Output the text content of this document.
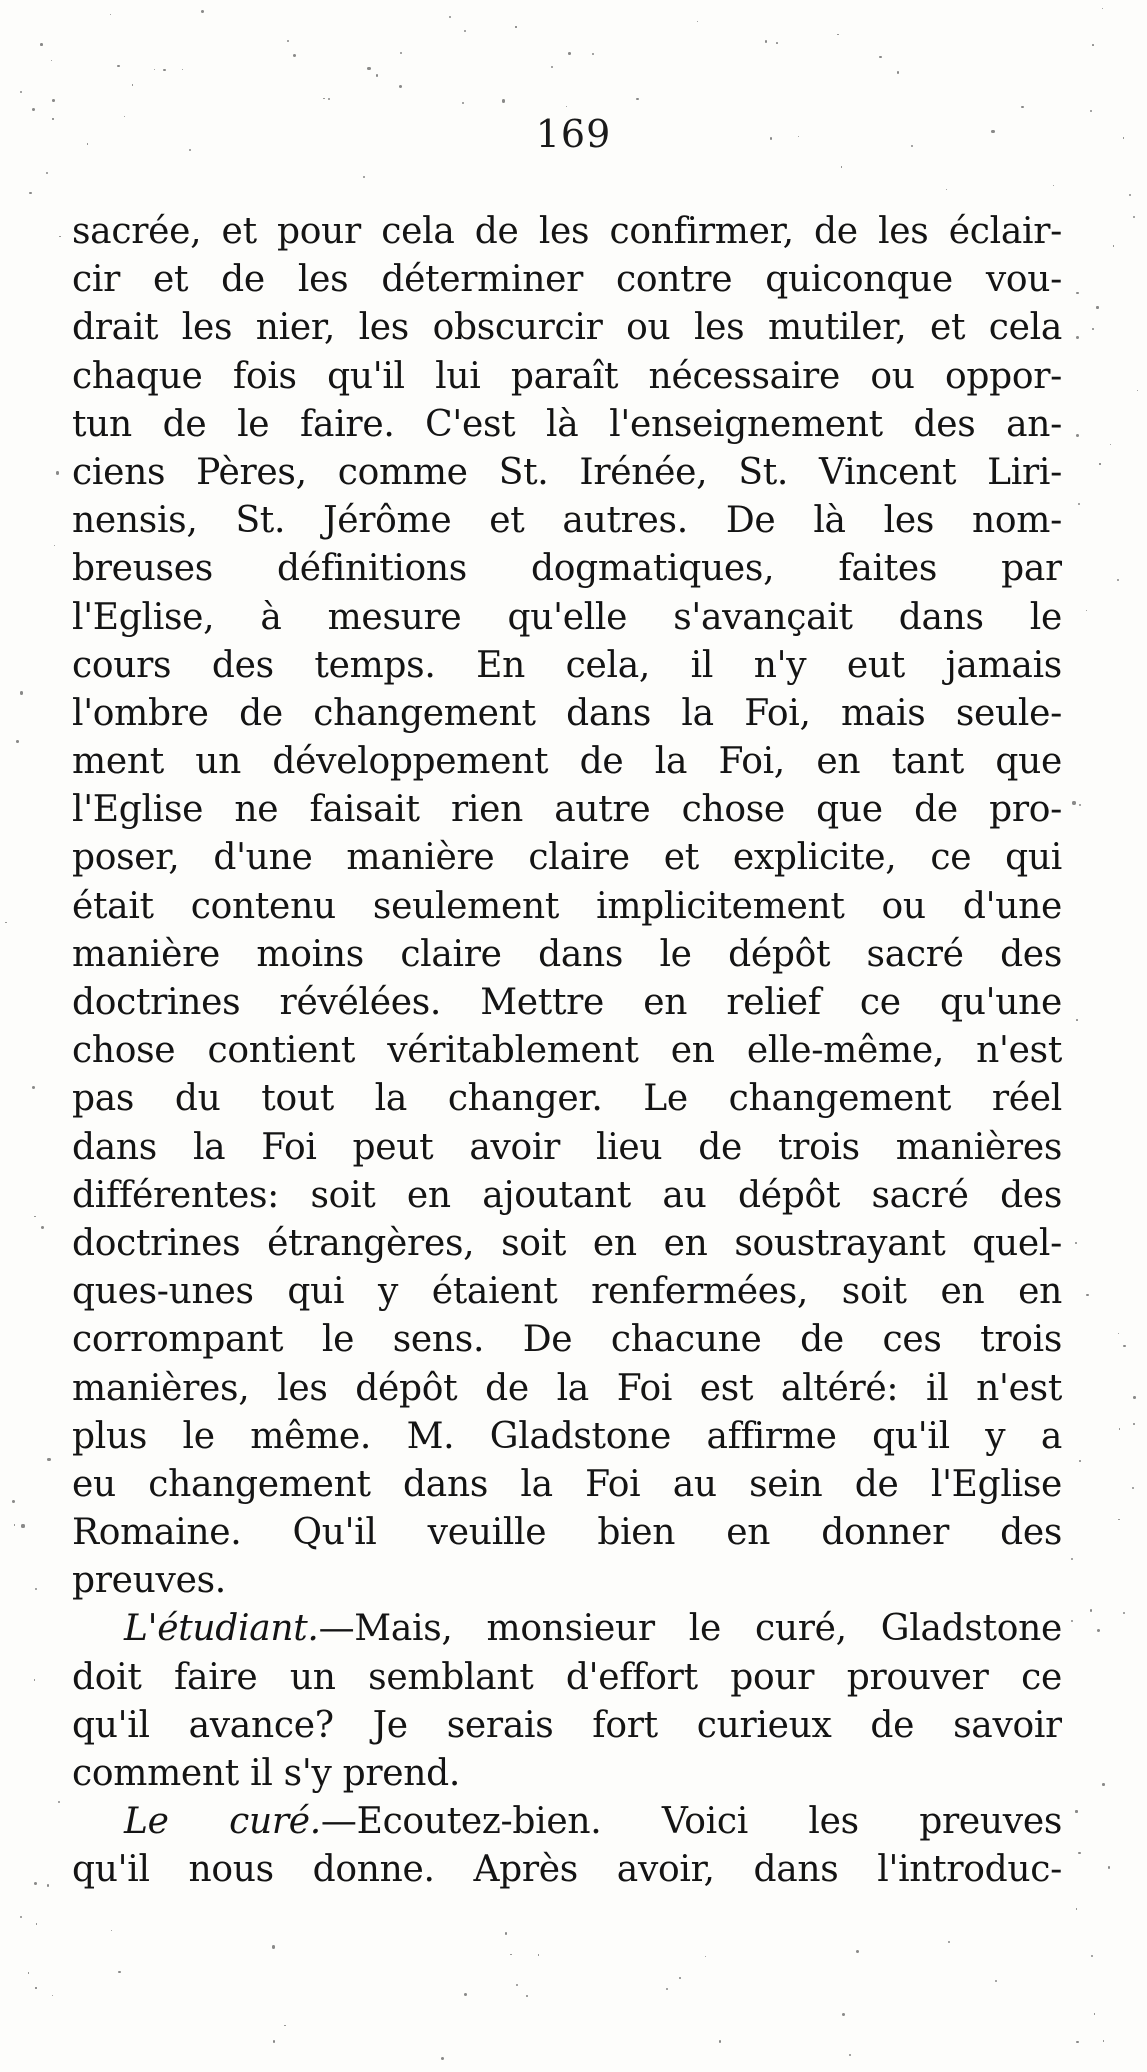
169
sacrée, et pour cela de les confirmer, de les éclair-
cir et de les déterminer contre quiconque vou-
drait les nier, les obscurcir ou les mutiler, et cela
chaque fois qu'il lui paraît nécessaire ou oppor-
tun de le faire. C'est là l'enseignement des an-
ciens Pères, comme St. Irénée, St. Vincent Liri-
nensis, St. Jérôme et autres. De là les nom-
breuses définitions dogmatiques, faites par
l'Eglise, à mesure qu'elle s'avançait dans le
cours des temps. En cela, il n'y eut jamais
l'ombre de changement dans la Foi, mais seule-
ment un développement de la Foi, en tant que
l'Eglise ne faisait rien autre chose que de pro-
poser, d'une manière claire et explicite, ce qui
était contenu seulement implicitement ou d'une
manière moins claire dans le dépôt sacré des
doctrines révélées. Mettre en relief ce qu'une
chose contient véritablement en elle-même, n'est
pas du tout la changer. Le changement réel
dans la Foi peut avoir lieu de trois manières
différentes: soit en ajoutant au dépôt sacré des
doctrines étrangères, soit en en soustrayant quel-
ques-unes qui y étaient renfermées, soit en en
corrompant le sens. De chacune de ces trois
manières, les dépôt de la Foi est altéré: il n'est
plus le même. M. Gladstone affirme qu'il y a
eu changement dans la Foi au sein de l'Eglise
Romaine. Qu'il veuille bien en donner des
preuves.
L'étudiant.—Mais, monsieur le curé, Gladstone
doit faire un semblant d'effort pour prouver ce
qu'il avance? Je serais fort curieux de savoir
comment il s'y prend.
Le curé.—Ecoutez-bien. Voici les preuves
qu'il nous donne. Après avoir, dans l'introduc-
